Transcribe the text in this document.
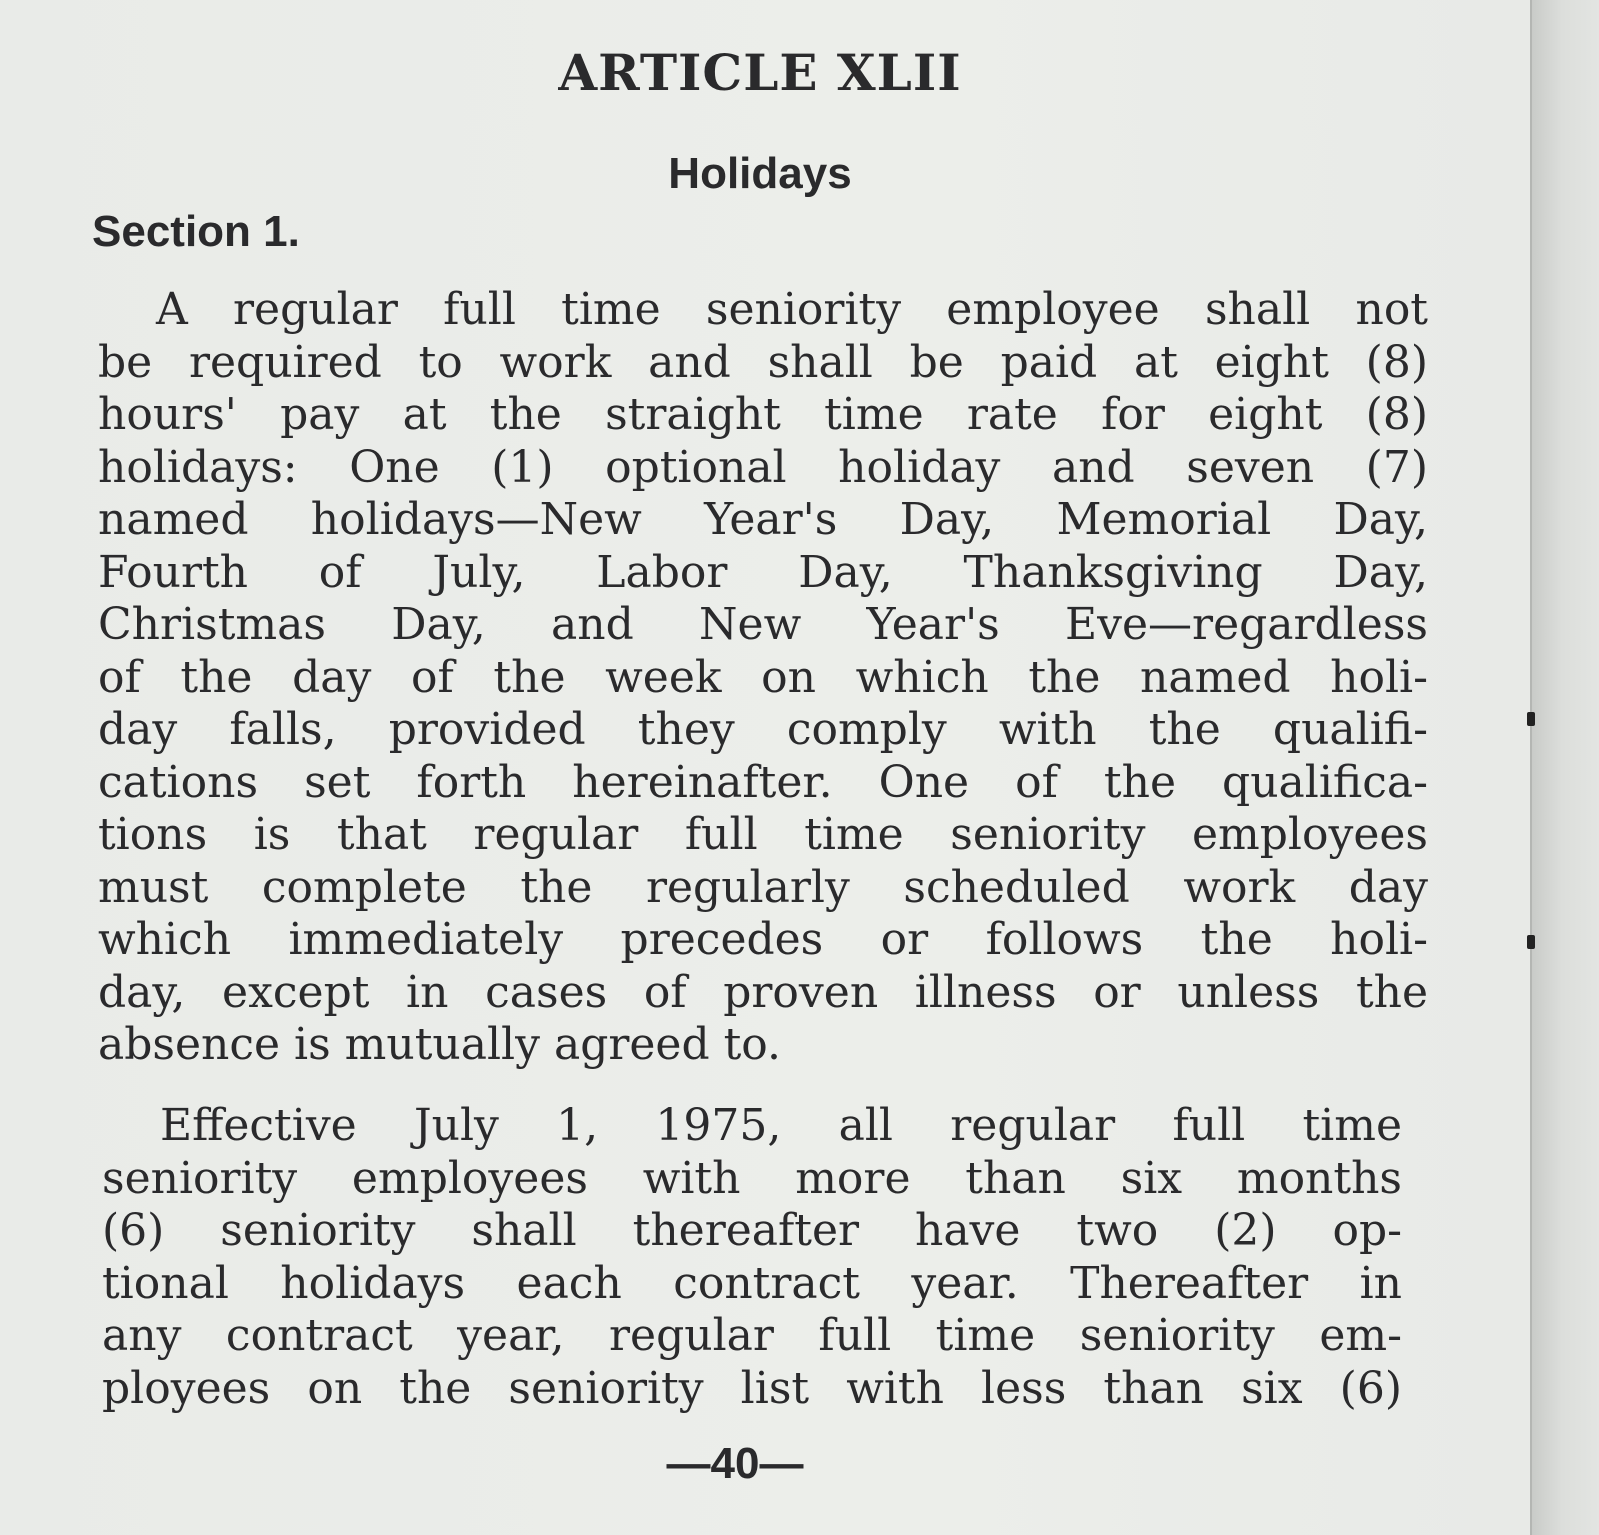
ARTICLE XLII
Holidays
Section 1.
A regular full time seniority employee shall not
be required to work and shall be paid at eight (8)
hours' pay at the straight time rate for eight (8)
holidays: One (1) optional holiday and seven (7)
named holidays—New Year's Day, Memorial Day,
Fourth of July, Labor Day, Thanksgiving Day,
Christmas Day, and New Year's Eve—regardless
of the day of the week on which the named holi-
day falls, provided they comply with the qualifi-
cations set forth hereinafter. One of the qualifica-
tions is that regular full time seniority employees
must complete the regularly scheduled work day
which immediately precedes or follows the holi-
day, except in cases of proven illness or unless the
absence is mutually agreed to.
Effective July 1, 1975, all regular full time
seniority employees with more than six months
(6) seniority shall thereafter have two (2) op-
tional holidays each contract year. Thereafter in
any contract year, regular full time seniority em-
ployees on the seniority list with less than six (6)
—40—
